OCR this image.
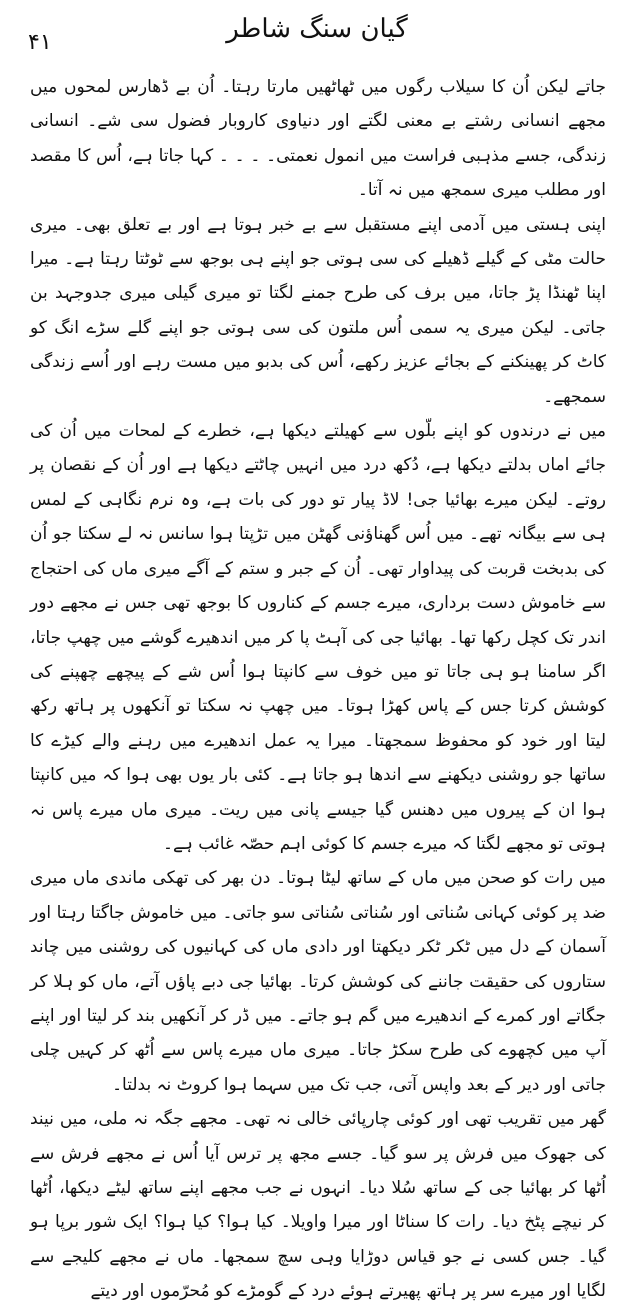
۴۱	گیان سنگ شاطر

جاتے لیکن اُن کا سیلاب رگوں میں ٹھاٹھیں مارتا رہتا۔ اُن بے ڈھارس لمحوں میں مجھے انسانی رشتے بے معنی لگتے اور دنیاوی کاروبار فضول سی شے۔ انسانی زندگی، جسے مذہبی فراست میں انمول نعمتی۔ ۔ ۔ ۔ کہا جاتا ہے، اُس کا مقصد اور مطلب میری سمجھ میں نہ آتا۔

اپنی ہستی میں آدمی اپنے مستقبل سے بے خبر ہوتا ہے اور بے تعلق بھی۔ میری حالت مٹی کے گیلے ڈھیلے کی سی ہوتی جو اپنے ہی بوجھ سے ٹوٹتا رہتا ہے۔ میرا اپنا ٹھنڈا پڑ جاتا، میں برف کی طرح جمنے لگتا تو میری گیلی میری جدوجہد بن جاتی۔ لیکن میری یہ سمی اُس ملتون کی سی ہوتی جو اپنے گلے سڑے انگ کو کاٹ کر پھینکنے کے بجائے عزیز رکھے، اُس کی بدبو میں مست رہے اور اُسے زندگی سمجھے۔

میں نے درندوں کو اپنے بلّوں سے کھیلتے دیکھا ہے، خطرے کے لمحات میں اُن کی جائے اماں بدلتے دیکھا ہے، دُکھ درد میں انہیں چاٹتے دیکھا ہے اور اُن کے نقصان پر روتے۔ لیکن میرے بھائیا جی! لاڈ پیار تو دور کی بات ہے، وہ نرم نگاہی کے لمس ہی سے بیگانہ تھے۔ میں اُس گھناؤنی گھٹن میں تڑپتا ہوا سانس نہ لے سکتا جو اُن کی بدبخت قربت کی پیداوار تھی۔ اُن کے جبر و ستم کے آگے میری ماں کی احتجاج سے خاموش دست برداری، میرے جسم کے کناروں کا بوجھ تھی جس نے مجھے دور اندر تک کچل رکھا تھا۔ بھائیا جی کی آہٹ پا کر میں اندھیرے گوشے میں چھپ جاتا، اگر سامنا ہو ہی جاتا تو میں خوف سے کانپتا ہوا اُس شے کے پیچھے چھپنے کی کوشش کرتا جس کے پاس کھڑا ہوتا۔ میں چھپ نہ سکتا تو آنکھوں پر ہاتھ رکھ لیتا اور خود کو محفوظ سمجھتا۔ میرا یہ عمل اندھیرے میں رہنے والے کیڑے کا ساتھا جو روشنی دیکھنے سے اندھا ہو جاتا ہے۔ کئی بار یوں بھی ہوا کہ میں کانپتا ہوا ان کے پیروں میں دھنس گیا جیسے پانی میں ریت۔ میری ماں میرے پاس نہ ہوتی تو مجھے لگتا کہ میرے جسم کا کوئی اہم حصّہ غائب ہے۔

میں رات کو صحن میں ماں کے ساتھ لیٹا ہوتا۔ دن بھر کی تھکی ماندی ماں میری ضد پر کوئی کہانی سُناتی اور سُناتی سُناتی سو جاتی۔ میں خاموش جاگتا رہتا اور آسمان کے دل میں ٹکر ٹکر دیکھتا اور دادی ماں کی کہانیوں کی روشنی میں چاند ستاروں کی حقیقت جاننے کی کوشش کرتا۔ بھائیا جی دبے پاؤں آتے، ماں کو ہلا کر جگاتے اور کمرے کے اندھیرے میں گم ہو جاتے۔ میں ڈر کر آنکھیں بند کر لیتا اور اپنے آپ میں کچھوے کی طرح سکڑ جاتا۔ میری ماں میرے پاس سے اُٹھ کر کہیں چلی جاتی اور دیر کے بعد واپس آتی، جب تک میں سہما ہوا کروٹ نہ بدلتا۔

گھر میں تقریب تھی اور کوئی چارپائی خالی نہ تھی۔ مجھے جگہ نہ ملی، میں نیند کی جھوک میں فرش پر سو گیا۔ جسے مجھ پر ترس آیا اُس نے مجھے فرش سے اُٹھا کر بھائیا جی کے ساتھ سُلا دیا۔ انہوں نے جب مجھے اپنے ساتھ لیٹے دیکھا، اُٹھا کر نیچے پٹخ دیا۔ رات کا سناٹا اور میرا واویلا۔ کیا ہوا؟ کیا ہوا؟ ایک شور برپا ہو گیا۔ جس کسی نے جو قیاس دوڑایا وہی سچ سمجھا۔ ماں نے مجھے کلیجے سے لگایا اور میرے سر پر ہاتھ پھیرتے ہوئے درد کے گومڑے کو مُحرّموں اور دیتے
